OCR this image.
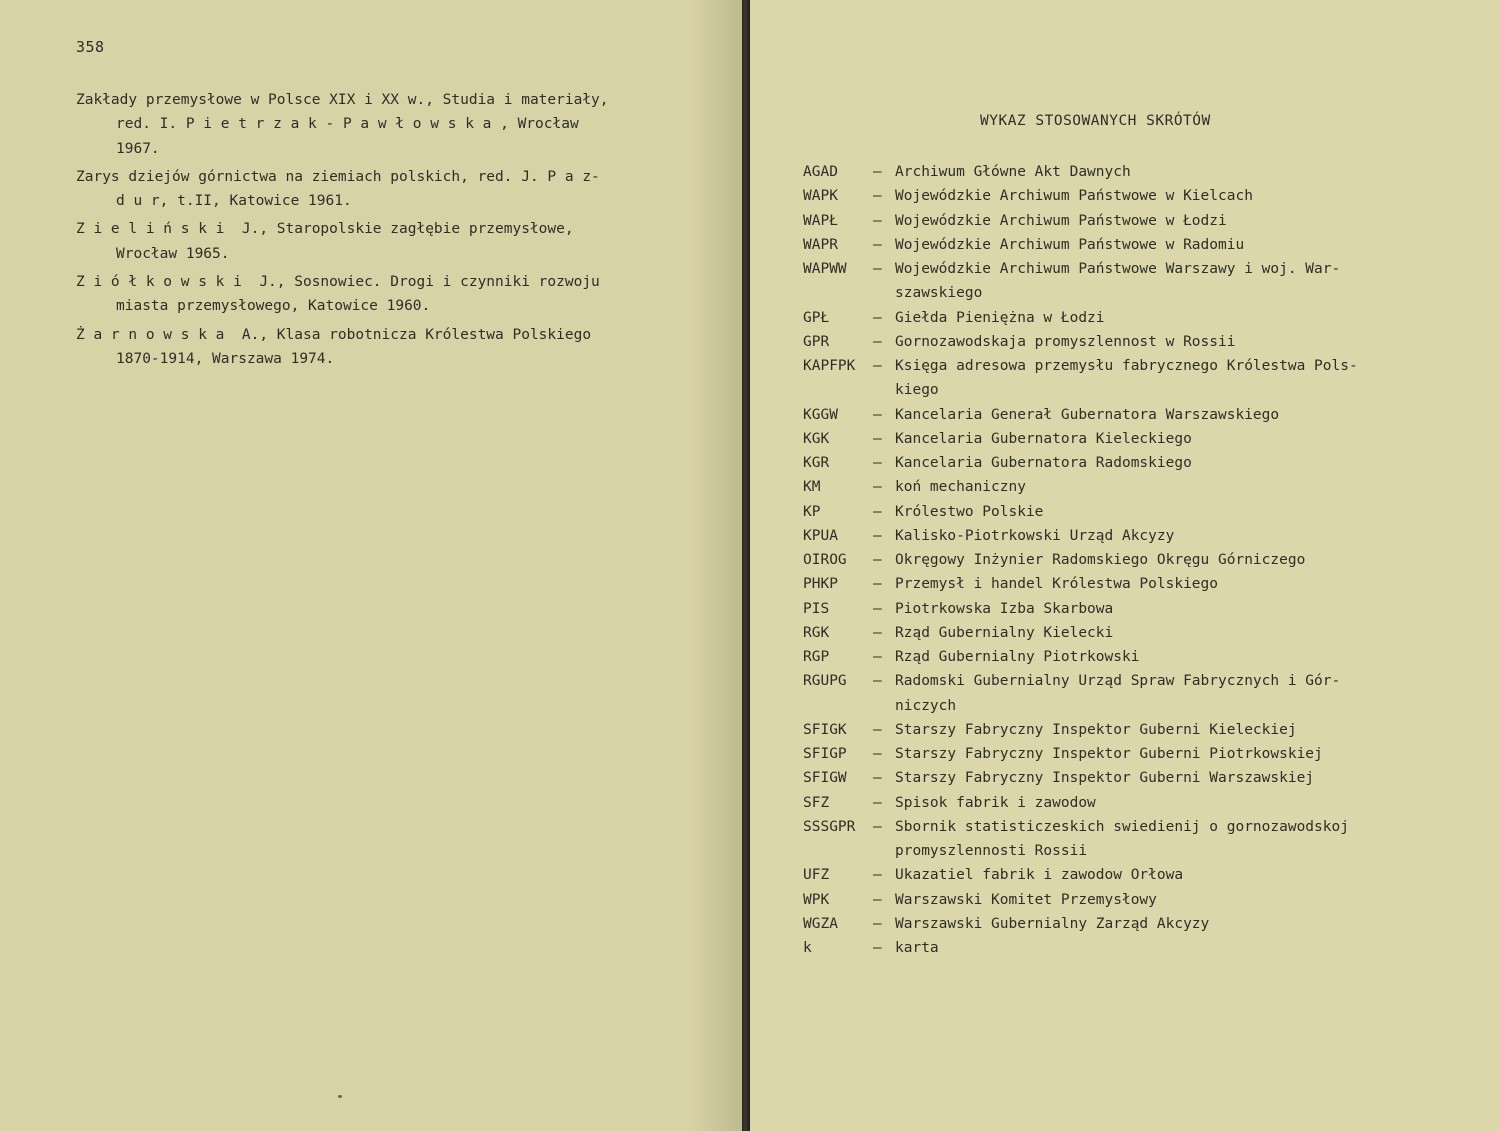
358
Zakłady przemysłowe w Polsce XIX i XX w., Studia i materiały,
red. I. P i e t r z a k - P a w ł o w s k a , Wrocław
1967.
Zarys dziejów górnictwa na ziemiach polskich, red. J. P a z-
d u r, t.II, Katowice 1961.
Z i e l i ń s k i  J., Staropolskie zagłębie przemysłowe,
Wrocław 1965.
Z i ó ł k o w s k i  J., Sosnowiec. Drogi i czynniki rozwoju
miasta przemysłowego, Katowice 1960.
Ż a r n o w s k a  A., Klasa robotnicza Królestwa Polskiego
1870-1914, Warszawa 1974.
WYKAZ STOSOWANYCH SKRÓTÓW
AGAD	– Archiwum Główne Akt Dawnych
WAPK	– Wojewódzkie Archiwum Państwowe w Kielcach
WAPŁ	– Wojewódzkie Archiwum Państwowe w Łodzi
WAPR	– Wojewódzkie Archiwum Państwowe w Radomiu
WAPWW	– Wojewódzkie Archiwum Państwowe Warszawy i woj. War-
szawskiego
GPŁ	– Giełda Pieniężna w Łodzi
GPR	– Gornozawodskaja promyszlennost w Rossii
KAPFPK	– Księga adresowa przemysłu fabrycznego Królestwa Pols-
kiego
KGGW	– Kancelaria Generał Gubernatora Warszawskiego
KGK	– Kancelaria Gubernatora Kieleckiego
KGR	– Kancelaria Gubernatora Radomskiego
KM	– koń mechaniczny
KP	– Królestwo Polskie
KPUA	– Kalisko-Piotrkowski Urząd Akcyzy
OIROG	– Okręgowy Inżynier Radomskiego Okręgu Górniczego
PHKP	– Przemysł i handel Królestwa Polskiego
PIS	– Piotrkowska Izba Skarbowa
RGK	– Rząd Gubernialny Kielecki
RGP	– Rząd Gubernialny Piotrkowski
RGUPG	– Radomski Gubernialny Urząd Spraw Fabrycznych i Gór-
niczych
SFIGK	– Starszy Fabryczny Inspektor Guberni Kieleckiej
SFIGP	– Starszy Fabryczny Inspektor Guberni Piotrkowskiej
SFIGW	– Starszy Fabryczny Inspektor Guberni Warszawskiej
SFZ	– Spisok fabrik i zawodow
SSSGPR	– Sbornik statisticzeskich swiedienij o gornozawodskoj
promyszlennosti Rossii
UFZ	– Ukazatiel fabrik i zawodow Orłowa
WPK	– Warszawski Komitet Przemysłowy
WGZA	– Warszawski Gubernialny Zarząd Akcyzy
k	– karta
